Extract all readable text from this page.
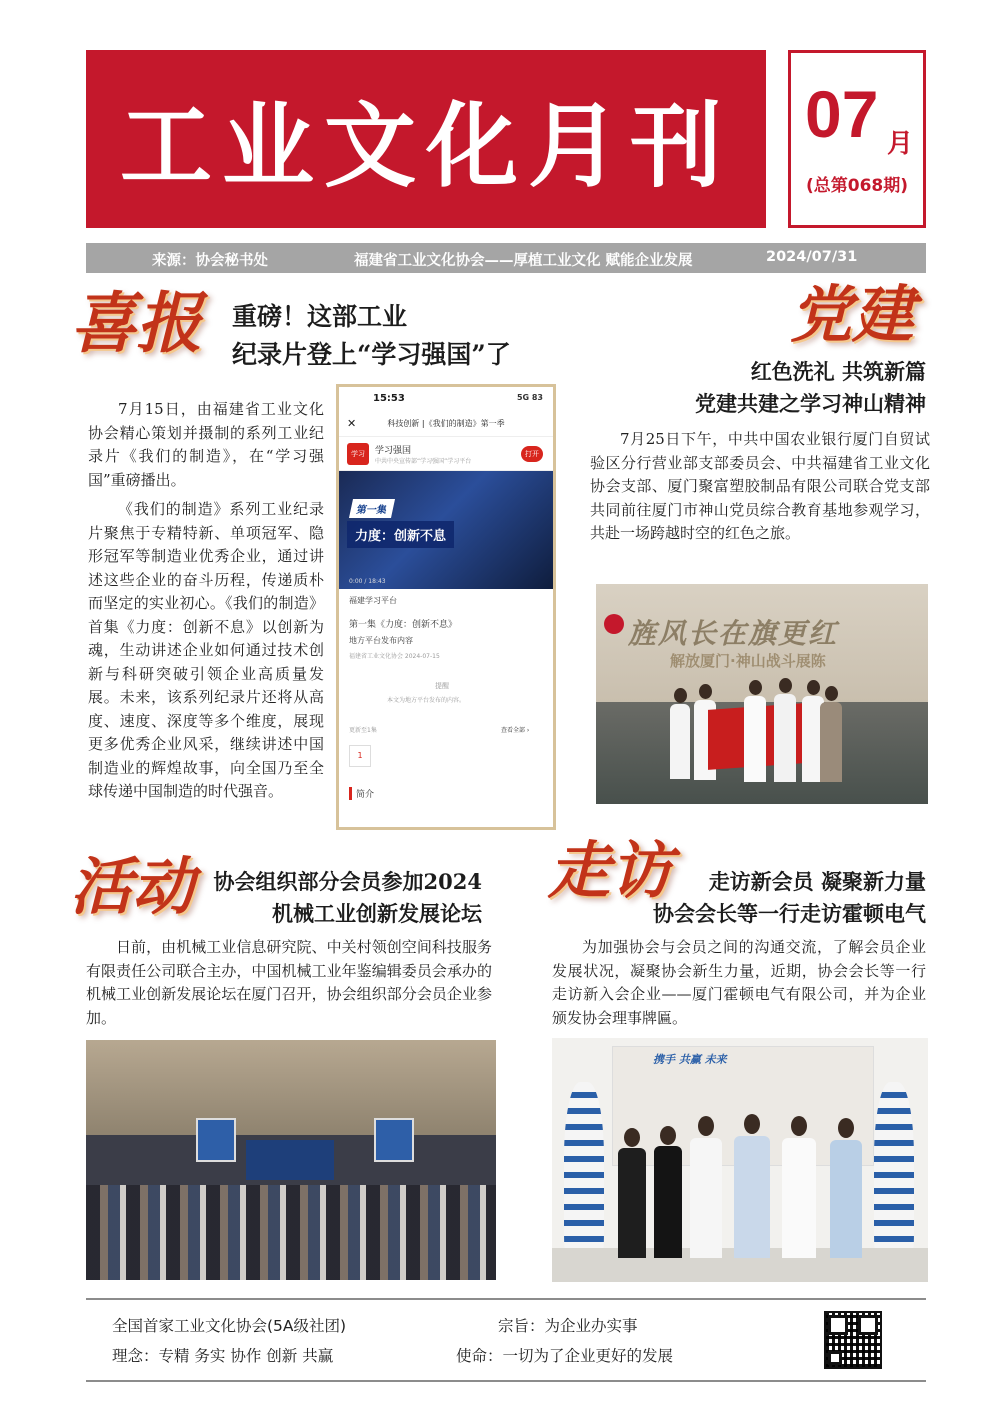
工业文化月刊	07 月
(总第068期)
来源：协会秘书处	福建省工业文化协会——厚植工业文化 赋能企业发展	2024/07/31
喜报 重磅！这部工业
纪录片登上“学习强国”了

7月15日，由福建省工业文化协会精心策划并摄制的系列工业纪录片《我们的制造》，在“学习强国”重磅播出。

《我们的制造》系列工业纪录片聚焦于专精特新、单项冠军、隐形冠军等制造业优秀企业，通过讲述这些企业的奋斗历程，传递质朴而坚定的实业初心。《我们的制造》首集《力度：创新不息》以创新为魂，生动讲述企业如何通过技术创新与科研突破引领企业高质量发展。未来，该系列纪录片还将从高度、速度、深度等多个维度，展现更多优秀企业风采，继续讲述中国制造业的辉煌故事，向全国乃至全球传递中国制造的时代强音。

15:53	5G 83
✕	科技创新 |《我们的制造》第一季
学习	学习强国
中共中央宣传部“学习强国”学习平台
打开
第一集
力度：创新不息
0:00 / 18:43
福建学习平台
第一集《力度：创新不息》
地方平台发布内容
福建省工业文化协会 2024-07-15
提醒
本文为地方平台发布的内容。
更新至1集	查看全部 ›
1
简介
党建
红色洗礼 共筑新篇
党建共建之学习神山精神

7月25日下午，中共中国农业银行厦门自贸试验区分行营业部支部委员会、中共福建省工业文化协会支部、厦门聚富塑胶制品有限公司联合党支部共同前往厦门市神山党员综合教育基地参观学习，共赴一场跨越时空的红色之旅。

旌风长在旗更红
解放厦门·神山战斗展陈
活动 协会组织部分会员参加2024
机械工业创新发展论坛

日前，由机械工业信息研究院、中关村领创空间科技服务有限责任公司联合主办，中国机械工业年鉴编辑委员会承办的机械工业创新发展论坛在厦门召开，协会组织部分会员企业参加。

走访 走访新会员 凝聚新力量
协会会长等一行走访霍顿电气

为加强协会与会员之间的沟通交流，了解会员企业发展状况，凝聚协会新生力量，近期，协会会长等一行走访新入会企业——厦门霍顿电气有限公司，并为企业颁发协会理事牌匾。

携手 共赢 未来
全国首家工业文化协会(5A级社团)	宗旨：为企业办实事
理念：专精 务实 协作 创新 共赢	使命：一切为了企业更好的发展
